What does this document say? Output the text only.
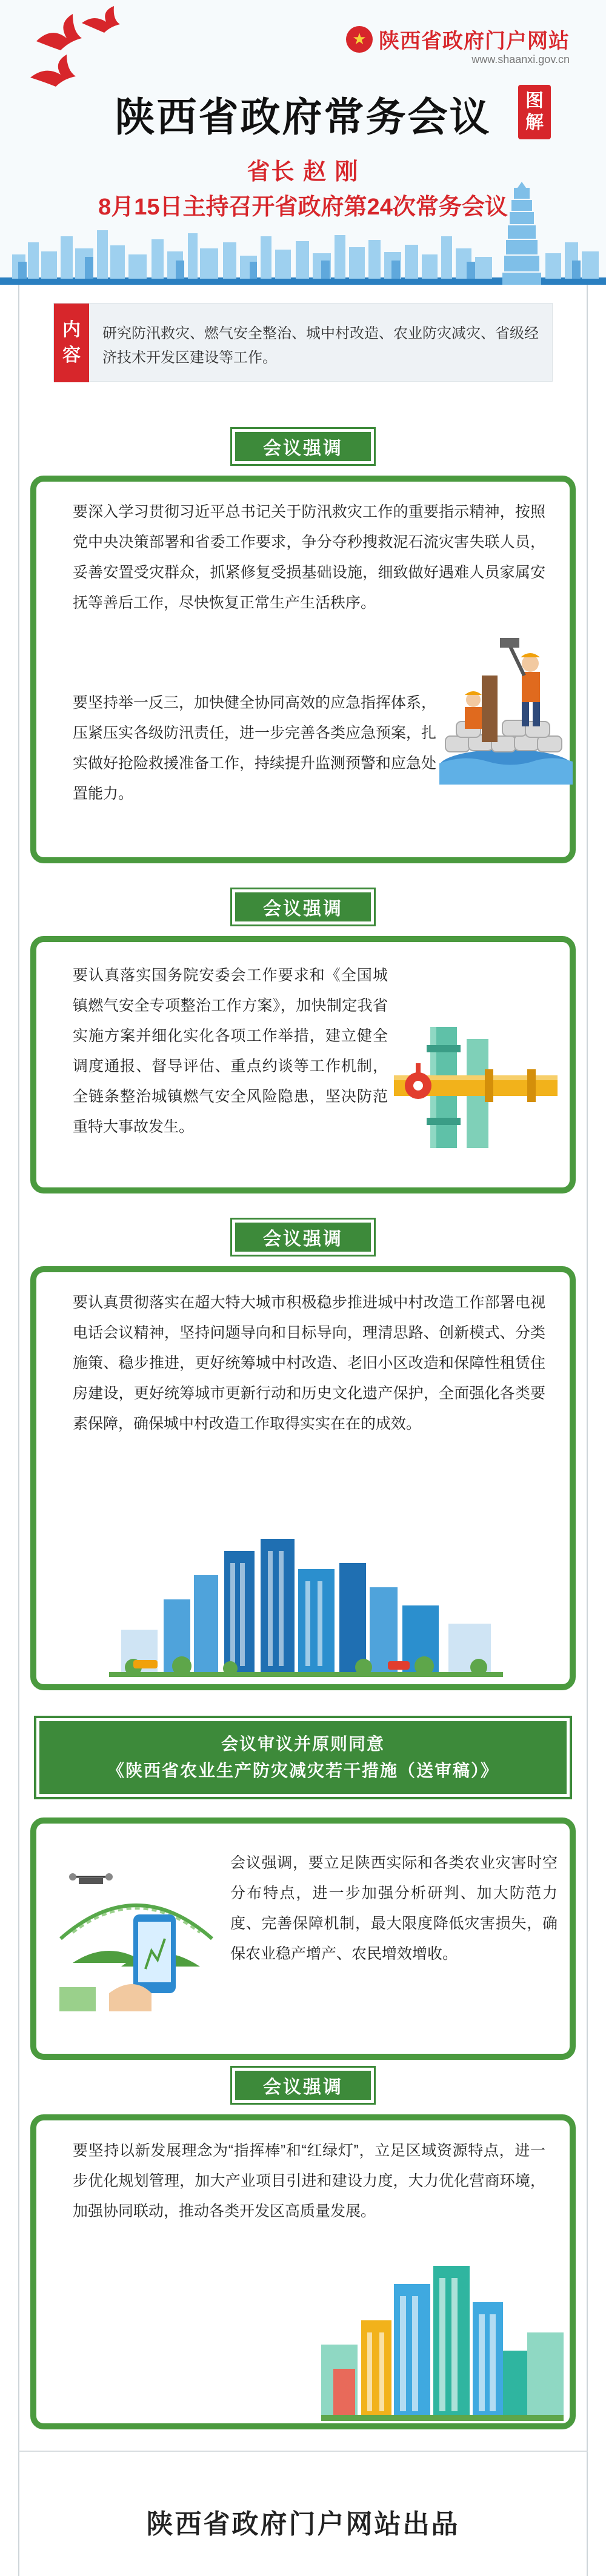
★ 陕西省政府门户网站
www.shaanxi.gov.cn
陕西省政府常务会议	图
解
省长 赵 刚
8月15日主持召开省政府第24次常务会议
内
容
研究防汛救灾、燃气安全整治、城中村改造、农业防灾减灾、省级经济技术开发区建设等工作。
会议强调
要深入学习贯彻习近平总书记关于防汛救灾工作的重要指示精神，按照党中央决策部署和省委工作要求，争分夺秒搜救泥石流灾害失联人员，妥善安置受灾群众，抓紧修复受损基础设施，细致做好遇难人员家属安抚等善后工作，尽快恢复正常生产生活秩序。
要坚持举一反三，加快健全协同高效的应急指挥体系，压紧压实各级防汛责任，进一步完善各类应急预案，扎实做好抢险救援准备工作，持续提升监测预警和应急处置能力。
会议强调
要认真落实国务院安委会工作要求和《全国城镇燃气安全专项整治工作方案》，加快制定我省实施方案并细化实化各项工作举措，建立健全调度通报、督导评估、重点约谈等工作机制，全链条整治城镇燃气安全风险隐患，坚决防范重特大事故发生。
会议强调
要认真贯彻落实在超大特大城市积极稳步推进城中村改造工作部署电视电话会议精神，坚持问题导向和目标导向，理清思路、创新模式、分类施策、稳步推进，更好统筹城中村改造、老旧小区改造和保障性租赁住房建设，更好统筹城市更新行动和历史文化遗产保护，全面强化各类要素保障，确保城中村改造工作取得实实在在的成效。
会议审议并原则同意
《陕西省农业生产防灾减灾若干措施（送审稿）》
会议强调，要立足陕西实际和各类农业灾害时空分布特点，进一步加强分析研判、加大防范力度、完善保障机制，最大限度降低灾害损失，确保农业稳产增产、农民增效增收。
会议强调
要坚持以新发展理念为“指挥棒”和“红绿灯”，立足区域资源特点，进一步优化规划管理，加大产业项目引进和建设力度，大力优化营商环境，加强协同联动，推动各类开发区高质量发展。
陕西省政府门户网站出品
